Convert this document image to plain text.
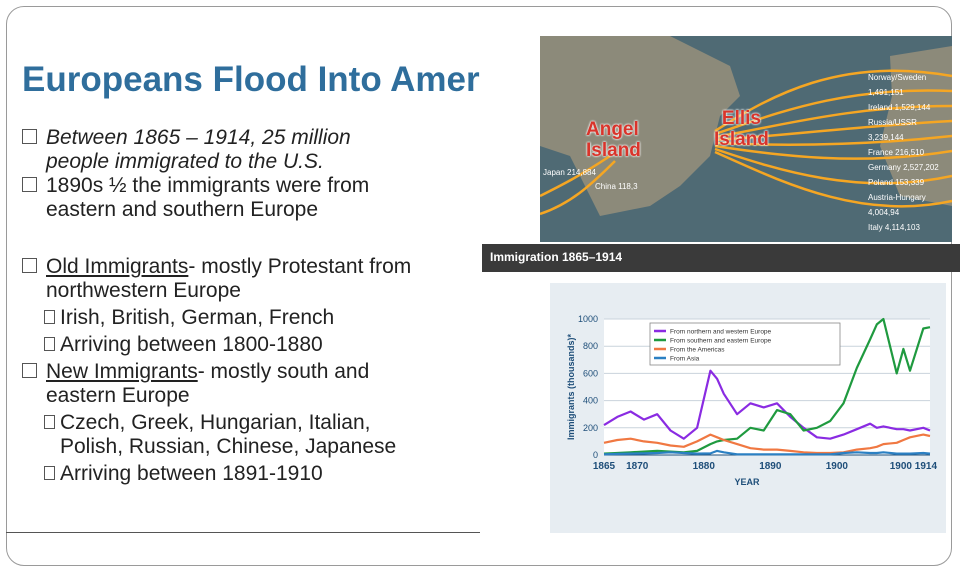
Europeans Flood Into Amer
Between 1865 – 1914, 25 million
people immigrated to the U.S.
1890s ½ the immigrants were from
eastern and southern Europe
Old Immigrants- mostly Protestant from
northwestern Europe
Irish, British, German, French
Arriving between 1800-1880
New Immigrants- mostly south and
eastern Europe
Czech, Greek, Hungarian, Italian,
Polish, Russian, Chinese, Japanese
Arriving between 1891-1910
Angel
Island
Ellis
Island
Norway/Sweden 1,491,151
Ireland 1,529,144
Russia/USSR 3,239,144
France 216,510
Germany 2,527,202
Poland 153,339
Austria-Hungary 4,004,94
Italy 4,114,103
Japan 214,884
China 118,3
Immigration 1865–1914
0
200
400
600
800
1000
1865 1870	1880	1890	1900	1900 1914
YEAR
Immigrants (thousands)*
From northern and western Europe
From southern and eastern Europe
From the Americas
From Asia
